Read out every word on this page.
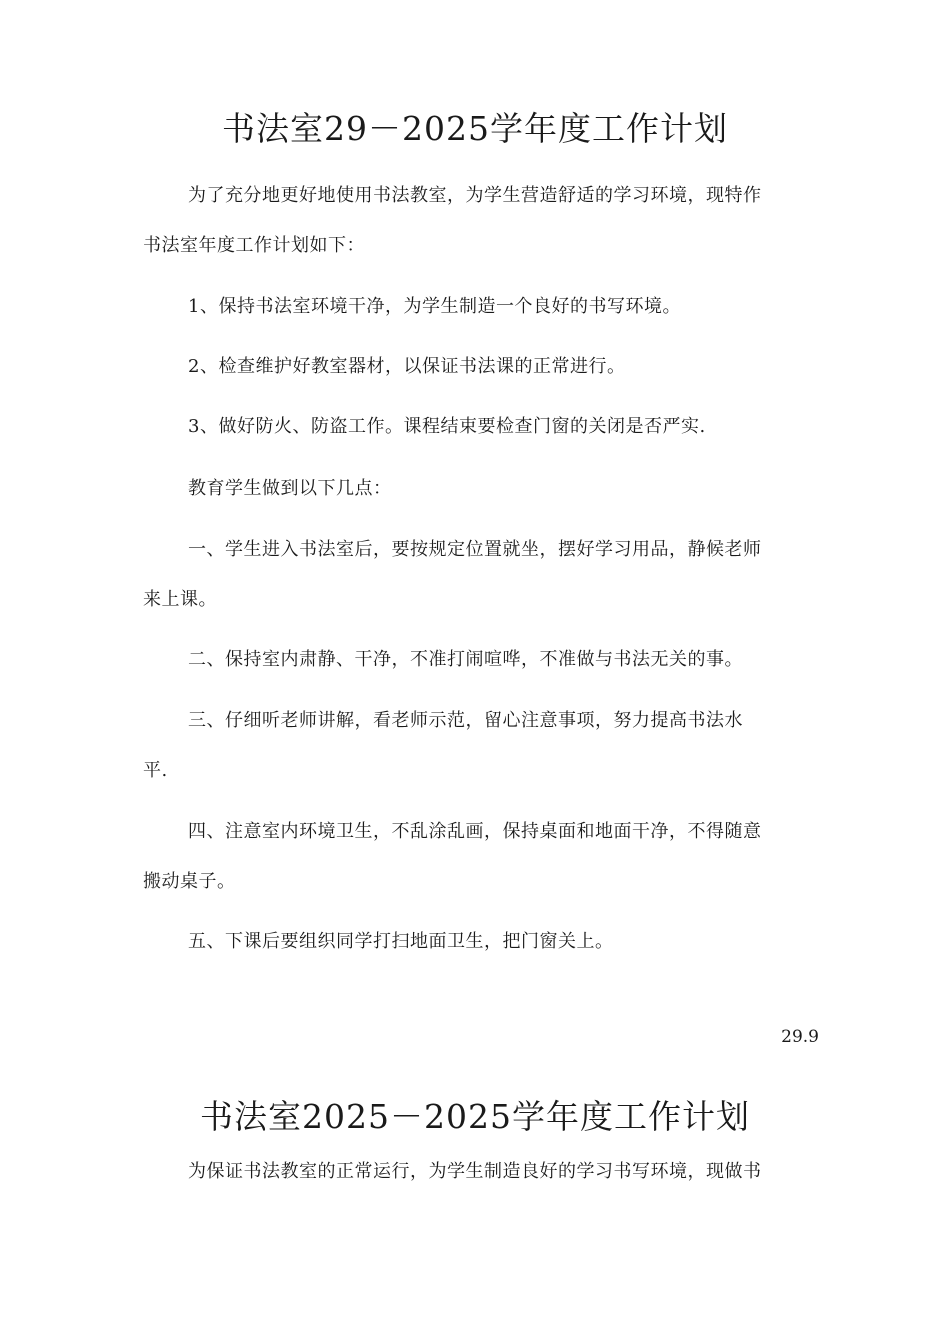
书法室29－2025学年度工作计划
为了充分地更好地使用书法教室，为学生营造舒适的学习环境，现特作
书法室年度工作计划如下：
1、保持书法室环境干净，为学生制造一个良好的书写环境。
2、检查维护好教室器材，以保证书法课的正常进行。
3、做好防火、防盗工作。课程结束要检查门窗的关闭是否严实.
教育学生做到以下几点：
一、学生进入书法室后，要按规定位置就坐，摆好学习用品，静候老师
来上课。
二、保持室内肃静、干净，不准打闹喧哗，不准做与书法无关的事。
三、仔细听老师讲解，看老师示范，留心注意事项，努力提高书法水
平.
四、注意室内环境卫生，不乱涂乱画，保持桌面和地面干净，不得随意
搬动桌子。
五、下课后要组织同学打扫地面卫生，把门窗关上。
29.9
书法室2025－2025学年度工作计划
为保证书法教室的正常运行，为学生制造良好的学习书写环境，现做书
